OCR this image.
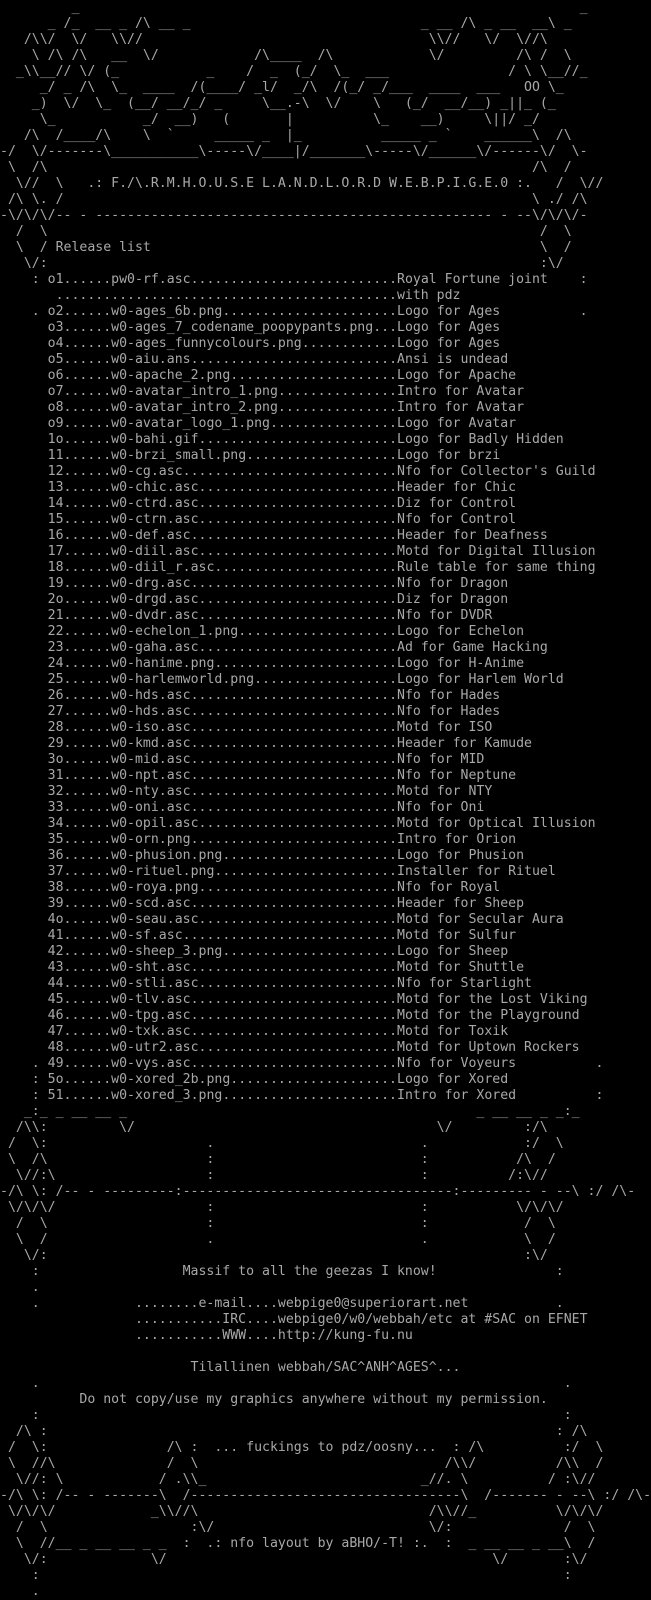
_                                                               _
_ /_  __ _ /\ __ _                             _ __ /\ _ __  __\ _
/\\/  \/   \\//                                    \\//   \/  \//\
\ /\ /\   __  \/            /\____  /\            \/         /\ /  \
_\\__// \/ (_           _    /  _  (_/  \_  ___               / \ \__//_
_/ _ /\  \_  ____  /(____/ _l/  _/\  /(_/ _/___  ____  ___   OO \_
_)  \/  \_  (__/ __/_/ _     \__.-\  \/    \   (_/  __/__) _||_ (_
\_           _/  __)   (       |          \_    __)     \||/ _/
/\  /____/\    \  `     _____ _  |_          _____ _ `    ______\  /\
-/  \/-------\___________\-----\/____|/_______\-----\/______\/------\/  \-
\  /\                                                             /\  /
\//  \   .: F./\.R.M.H.O.U.S.E L.A.N.D.L.O.R.D W.E.B.P.I.G.E.0 :.   /  \//
/\ \. /                                                           \ ./ /\
-\/\/\/-- - -------------------------------------------------- - --\/\/\/-
/  \                                                              /  \
\  / Release list                                                 \  /
\/:                                                              :\/

: o1......pw0-rf.asc..........................Royal Fortune joint    :
...........................................with pdz
. o2......w0-ages_6b.png......................Logo for Ages          .
o3......w0-ages_7_codename_poopypants.png...Logo for Ages
o4......w0-ages_funnycolours.png............Logo for Ages
o5......w0-aiu.ans..........................Ansi is undead
o6......w0-apache_2.png.....................Logo for Apache
o7......w0-avatar_intro_1.png...............Intro for Avatar
o8......w0-avatar_intro_2.png...............Intro for Avatar
o9......w0-avatar_logo_1.png................Logo for Avatar
1o......w0-bahi.gif.........................Logo for Badly Hidden
11......w0-brzi_small.png...................Logo for brzi
12......w0-cg.asc...........................Nfo for Collector's Guild
13......w0-chic.asc.........................Header for Chic
14......w0-ctrd.asc.........................Diz for Control
15......w0-ctrn.asc.........................Nfo for Control
16......w0-def.asc..........................Header for Deafness
17......w0-diil.asc.........................Motd for Digital Illusion
18......w0-diil_r.asc.......................Rule table for same thing
19......w0-drg.asc..........................Nfo for Dragon
2o......w0-drgd.asc.........................Diz for Dragon
21......w0-dvdr.asc.........................Nfo for DVDR
22......w0-echelon_1.png....................Logo for Echelon
23......w0-gaha.asc.........................Ad for Game Hacking
24......w0-hanime.png.......................Logo for H-Anime
25......w0-harlemworld.png..................Logo for Harlem World
26......w0-hds.asc..........................Nfo for Hades
27......w0-hds.asc..........................Nfo for Hades
28......w0-iso.asc..........................Motd for ISO
29......w0-kmd.asc..........................Header for Kamude
3o......w0-mid.asc..........................Nfo for MID
31......w0-npt.asc..........................Nfo for Neptune
32......w0-nty.asc..........................Motd for NTY
33......w0-oni.asc..........................Nfo for Oni
34......w0-opil.asc.........................Motd for Optical Illusion
35......w0-orn.png..........................Intro for Orion
36......w0-phusion.png......................Logo for Phusion
37......w0-rituel.png.......................Installer for Rituel
38......w0-roya.png.........................Nfo for Royal
39......w0-scd.asc..........................Header for Sheep
4o......w0-seau.asc.........................Motd for Secular Aura
41......w0-sf.asc...........................Motd for Sulfur
42......w0-sheep_3.png......................Logo for Sheep
43......w0-sht.asc..........................Motd for Shuttle
44......w0-stli.asc.........................Nfo for Starlight
45......w0-tlv.asc..........................Motd for the Lost Viking
46......w0-tpg.asc..........................Motd for the Playground
47......w0-txk.asc..........................Motd for Toxik
48......w0-utr2.asc.........................Motd for Uptown Rockers
. 49......w0-vys.asc..........................Nfo for Voyeurs          .
: 5o......w0-xored_2b.png.....................Logo for Xored
: 51......w0-xored_3.png......................Intro for Xored          :
_:_ _ __ __ _                                            _ __ __ _ _:_
/\\:         \/                                      \/         :/\
/  \:                    .                          .            :/  \
\  /\                    :                          :           /\  /
\//:\                   :                          :          /:\//
-/\ \: /-- - ---------:----------------------------------:--------- - --\ :/ /\-
\/\/\/                   :                          :           \/\/\/
/  \                    :                          :            /  \
\  /                    .                          .            \  /
\/:                                                            :\/
:                  Massif to all the geezas I know!               :
.
.            ........e-mail....webpige0@superiorart.net           .
...........IRC....webpige0/w0/webbah/etc at #SAC on EFNET
...........WWW....http://kung-fu.nu

Tilallinen webbah/SAC^ANH^AGES^...
.                                                                  .
Do not copy/use my graphics anywhere without my permission.
:                                                                  :
/\ :                                                                : /\
/  \:               /\ :  ... fuckings to pdz/oosny...  : /\          :/  \
\  //\              /  \                               /\\/          /\\  /
\//: \            / .\\_                           _//. \          / :\//
-/\ \: /-- - -------\  /----------------------------------\  /------- - --\ :/ /\-
\/\/\/            _\\//\                             /\\//_          \/\/\/
/  \                  :\/                           \/:              /  \
\  //__ _ __ __ _ _  :  .: nfo layout by aBHO/-T! :.  :  _ __ __ _ __\  /
\/:             \/                                         \/       :\/
:                                                                  :
.
